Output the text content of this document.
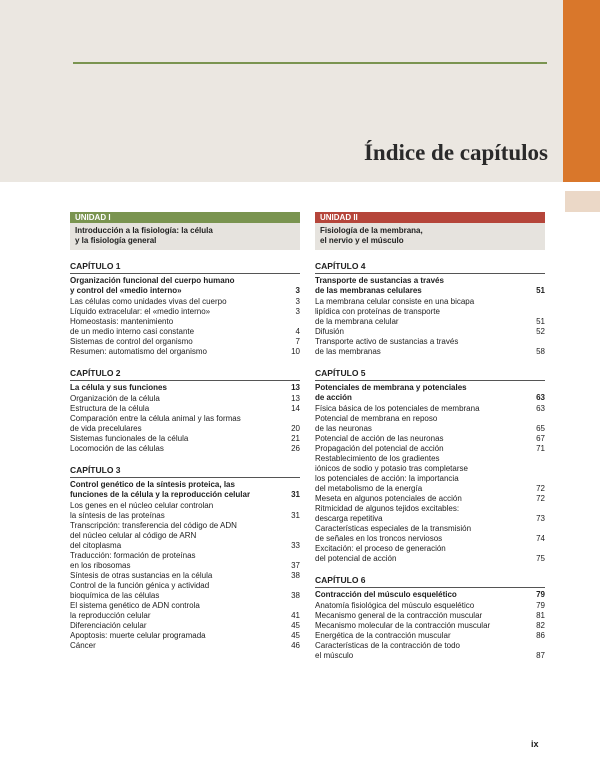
Índice de capítulos
UNIDAD I
Introducción a la fisiología: la célula
y la fisiología general
CAPÍTULO 1
Organización funcional del cuerpo humano
y control del «medio interno»	3
Las células como unidades vivas del cuerpo	3
Líquido extracelular: el «medio interno»	3
Homeostasis: mantenimiento
de un medio interno casi constante	4
Sistemas de control del organismo	7
Resumen: automatismo del organismo	10
CAPÍTULO 2
La célula y sus funciones	13
Organización de la célula	13
Estructura de la célula	14
Comparación entre la célula animal y las formas
de vida precelulares	20
Sistemas funcionales de la célula	21
Locomoción de las células	26
CAPÍTULO 3
Control genético de la síntesis proteica, las
funciones de la célula y la reproducción celular	31
Los genes en el núcleo celular controlan
la síntesis de las proteínas	31
Transcripción: transferencia del código de ADN
del núcleo celular al código de ARN
del citoplasma	33
Traducción: formación de proteínas
en los ribosomas	37
Síntesis de otras sustancias en la célula	38
Control de la función génica y actividad
bioquímica de las células	38
El sistema genético de ADN controla
la reproducción celular	41
Diferenciación celular	45
Apoptosis: muerte celular programada	45
Cáncer	46
UNIDAD II
Fisiología de la membrana,
el nervio y el músculo
CAPÍTULO 4
Transporte de sustancias a través
de las membranas celulares	51
La membrana celular consiste en una bicapa
lipídica con proteínas de transporte
de la membrana celular	51
Difusión	52
Transporte activo de sustancias a través
de las membranas	58
CAPÍTULO 5
Potenciales de membrana y potenciales
de acción	63
Física básica de los potenciales de membrana	63
Potencial de membrana en reposo
de las neuronas	65
Potencial de acción de las neuronas	67
Propagación del potencial de acción	71
Restablecimiento de los gradientes
iónicos de sodio y potasio tras completarse
los potenciales de acción: la importancia
del metabolismo de la energía	72
Meseta en algunos potenciales de acción	72
Ritmicidad de algunos tejidos excitables:
descarga repetitiva	73
Características especiales de la transmisión
de señales en los troncos nerviosos	74
Excitación: el proceso de generación
del potencial de acción	75
CAPÍTULO 6
Contracción del músculo esquelético	79
Anatomía fisiológica del músculo esquelético	79
Mecanismo general de la contracción muscular	81
Mecanismo molecular de la contracción muscular	82
Energética de la contracción muscular	86
Características de la contracción de todo
el músculo	87
ix
